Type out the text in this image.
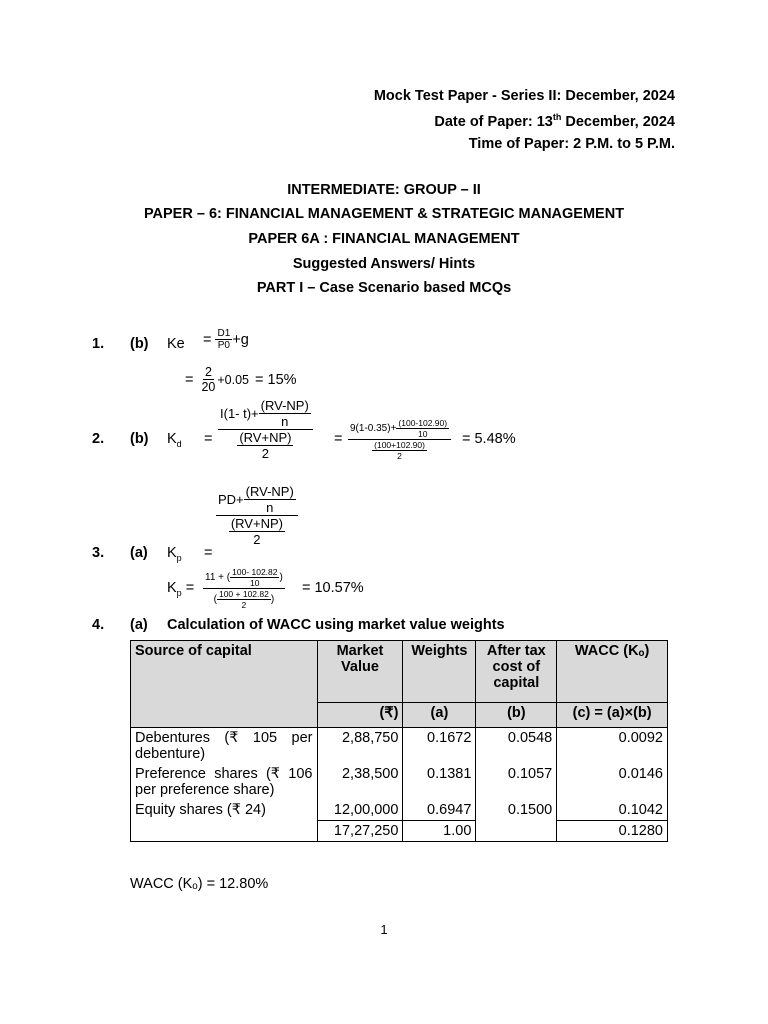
Mock Test Paper - Series II: December, 2024
Date of Paper: 13th December, 2024
Time of Paper: 2 P.M. to 5 P.M.
INTERMEDIATE: GROUP – II
PAPER – 6: FINANCIAL MANAGEMENT & STRATEGIC MANAGEMENT
PAPER 6A : FINANCIAL MANAGEMENT
Suggested Answers/ Hints
PART I – Case Scenario based MCQs
1. (b) $Ke = \frac{D1}{P0} +g$
= $\frac{2}{20} +0.05 = 15\%$
2. (b) $K_d = \frac{I(1- t)+ \frac{(RV-NP)}{n}}{\frac{(RV+NP)}{2}} = \frac{9(1-0.35)+ \frac{(100-102.90)}{10}}{\frac{(100+102.90)}{2}} = 5.48\%$
$\frac{PD+ \frac{(RV-NP)}{n}}{\frac{(RV+NP)}{2}}$
3. (a) $K_p$ =
$K_p = 11$ + ( 100- 102.82
10 )
( 100 + 102.82
2 ) = 10.57%
4. (a) Calculation of WACC using market value weights
Source of capital	Market Value	Weights	After tax cost of capital	WACC (Kₒ)
	(₹)	(a)	(b)	(c) = (a)×(b)
Debentures (₹ 105 per debenture)	2,88,750	0.1672	0.0548	0.0092
Preference shares (₹ 106 per preference share)	2,38,500	0.1381	0.1057	0.0146
Equity shares (₹ 24)	12,00,000	0.6947	0.1500	0.1042
	17,27,250	1.00		0.1280
WACC (Kₒ) = 12.80%
1
